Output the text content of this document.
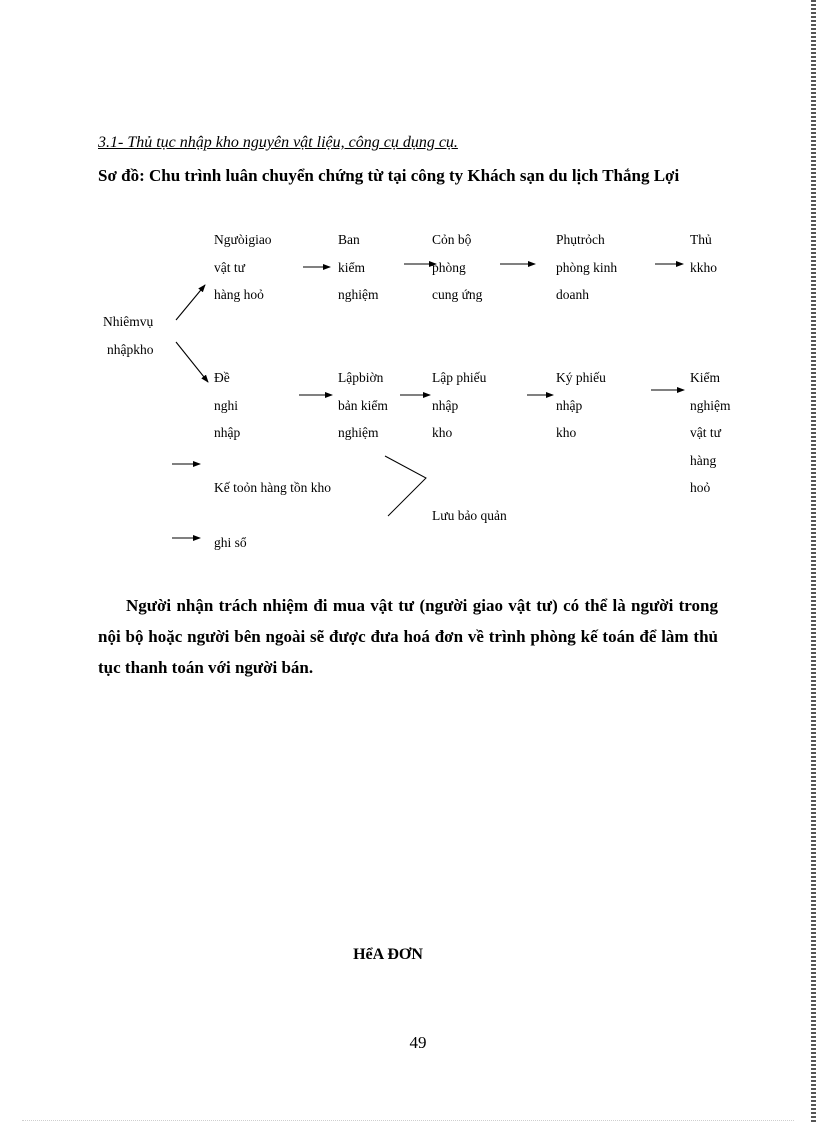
3.1- Thủ tục nhập kho nguyên vật liệu, công cụ dụng cụ.
Sơ đồ: Chu trình luân chuyển chứng từ tại công ty Khách sạn du lịch Thắng Lợi
Nhiêmvụ
nhậpkho
Ngưòigiao
vật tư
hàng hoỏ
Ban
kiểm
nghiệm
Cỏn bộ
phòng
cung ứng
Phụtrỏch
phòng kinh
doanh
Thủ
kkho
Đề
nghi
nhập
Lậpbiờn
bản kiểm
nghiệm
Lập phiếu
nhập
kho
Ký phiếu
nhập
kho
Kiểm
nghiệm
vật tư
hàng
hoỏ
Kế toỏn hàng tồn kho
Lưu bảo quản
ghi sổ
Người nhận trách nhiệm đi mua vật tư (người giao vật tư) có thể là người trong nội bộ hoặc người bên ngoài sẽ được đưa hoá đơn về trình phòng kế toán để làm thủ tục thanh toán với người bán.
HểA ĐƠN
49
